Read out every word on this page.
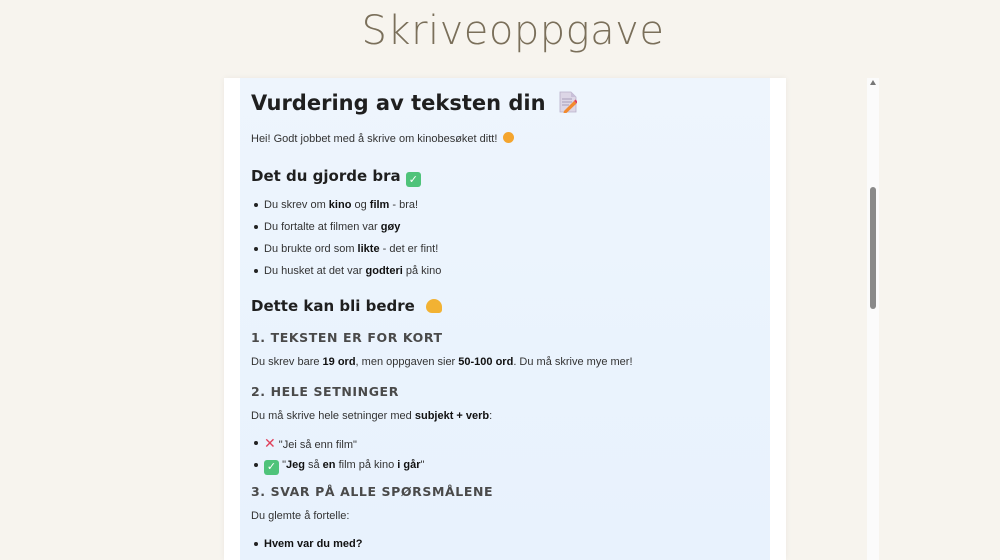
Skriveoppgave
Vurdering av teksten din

Hei! Godt jobbet med å skrive om kinobesøket ditt!

Det du gjorde bra ✓
Du skrev om kino og film - bra!
Du fortalte at filmen var gøy
Du brukte ord som likte - det er fint!
Du husket at det var godteri på kino
Dette kan bli bedre
1. TEKSTEN ER FOR KORT

Du skrev bare 19 ord, men oppgaven sier 50-100 ord. Du må skrive mye mer!

2. HELE SETNINGER

Du må skrive hele setninger med subjekt + verb:

✕ "Jei så enn film"
✓ "Jeg så en film på kino i går"
3. SVAR PÅ ALLE SPØRSMÅLENE

Du glemte å fortelle:

Hvem var du med?
